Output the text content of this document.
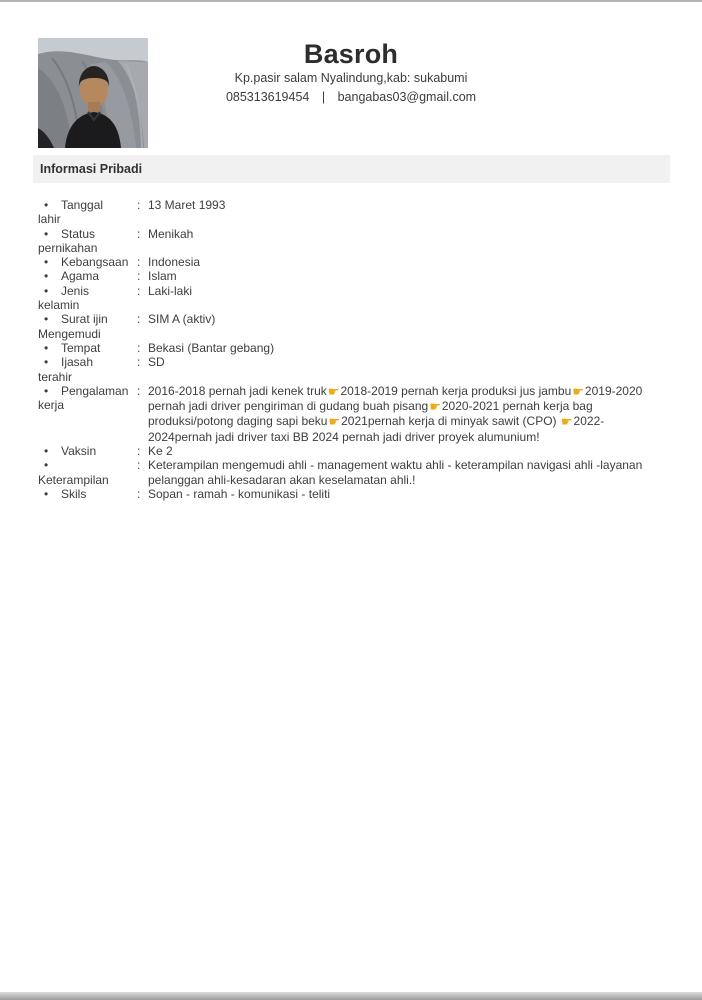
Basroh
Kp.pasir salam Nyalindung,kab: sukabumi
085313619454 | bangabas03@gmail.com
Informasi Pribadi
• Tanggal
lahir
: 13 Maret 1993
• Status
pernikahan
: Menikah
• Kebangsaan : Indonesia
• Agama	: Islam
• Jenis
kelamin
: Laki-laki
• Surat ijin
Mengemudi
: SIM A (aktiv)
• Tempat	: Bekasi (Bantar gebang)
• Ijasah
terahir
: SD
• Pengalaman
kerja
: 2016-2018 pernah jadi kenek truk☛2018-2019 pernah kerja produksi jus jambu☛2019-2020 pernah jadi driver pengiriman di gudang buah pisang☛2020-2021 pernah kerja bag produksi/potong daging sapi beku☛2021pernah kerja di minyak sawit (CPO) ☛2022-2024pernah jadi driver taxi BB 2024 pernah jadi driver proyek alumunium!
• Vaksin	: Ke 2
•
Keterampilan
: Keterampilan mengemudi ahli - management waktu ahli - keterampilan navigasi ahli -layanan pelanggan ahli-kesadaran akan keselamatan ahli.!
• Skils	: Sopan - ramah - komunikasi - teliti
